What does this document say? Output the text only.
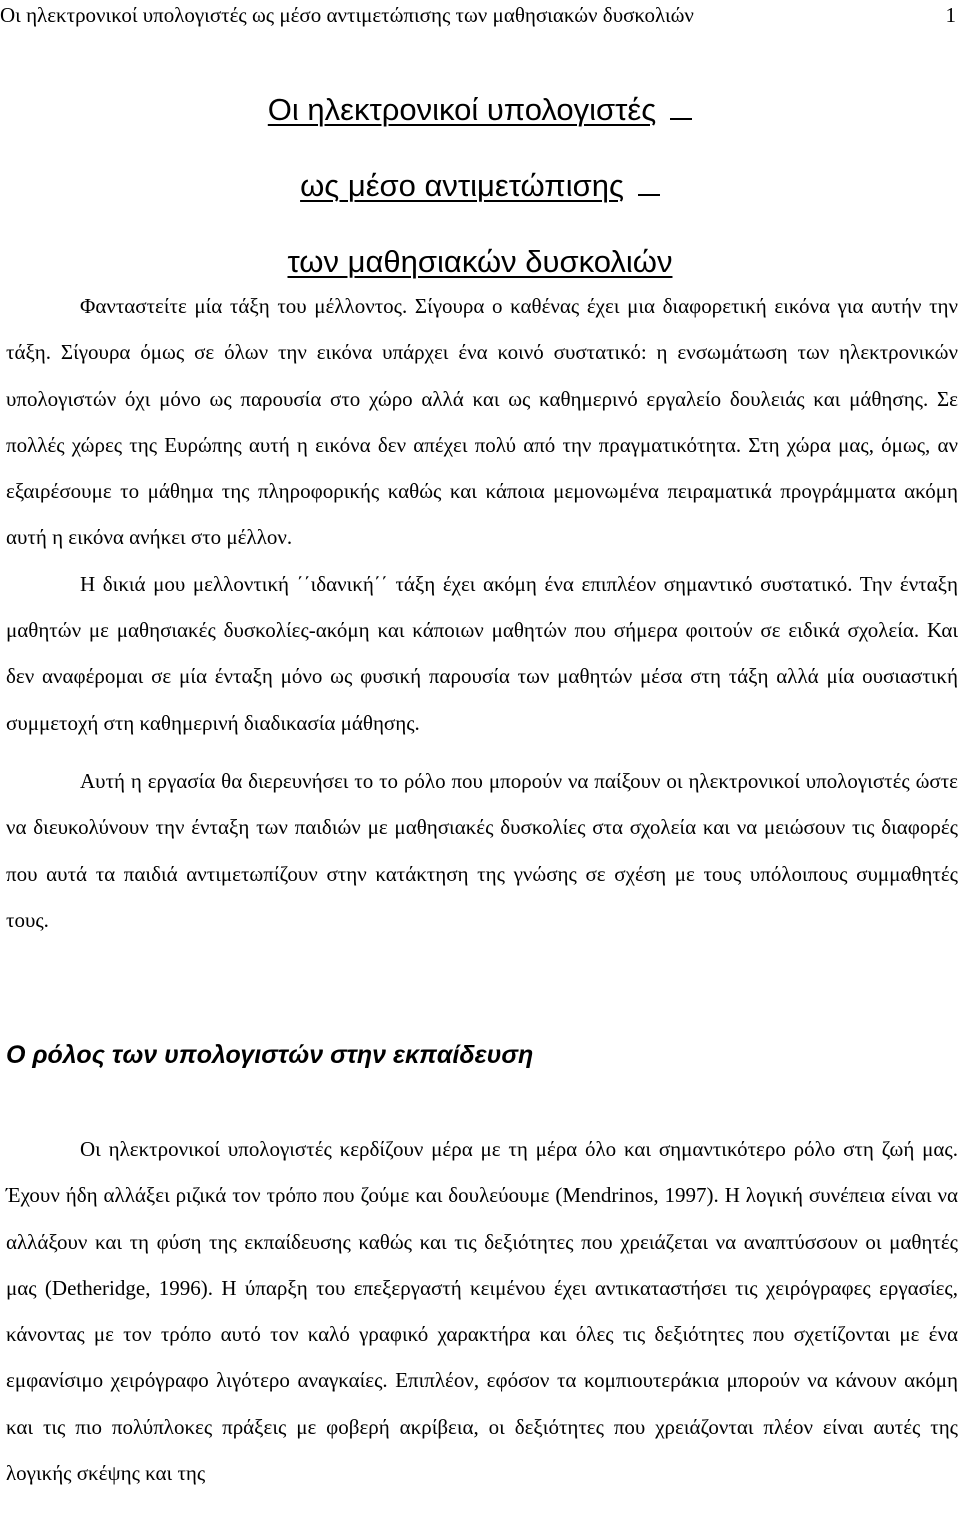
Οι ηλεκτρονικοί υπολογιστές ως μέσο αντιμετώπισης των μαθησιακών δυσκολιών	1
Οι ηλεκτρονικοί υπολογιστές
ως μέσο αντιμετώπισης
των μαθησιακών δυσκολιών

Φανταστείτε μία τάξη του μέλλοντος. Σίγουρα ο καθένας έχει μια διαφορετική εικόνα για αυτήν την τάξη. Σίγουρα όμως σε όλων την εικόνα υπάρχει ένα κοινό συστατικό: η ενσωμάτωση των ηλεκτρονικών υπολογιστών όχι μόνο ως παρουσία στο χώρο αλλά και ως καθημερινό εργαλείο δουλειάς και μάθησης. Σε πολλές χώρες της Ευρώπης αυτή η εικόνα δεν απέχει πολύ από την πραγματικότητα. Στη χώρα μας, όμως, αν εξαιρέσουμε το μάθημα της πληροφορικής καθώς και κάποια μεμονωμένα πειραματικά προγράμματα ακόμη αυτή η εικόνα ανήκει στο μέλλον.

Η δικιά μου μελλοντική ΄΄ιδανική΄΄ τάξη έχει ακόμη ένα επιπλέον σημαντικό συστατικό. Την ένταξη μαθητών με μαθησιακές δυσκολίες-ακόμη και κάποιων μαθητών που σήμερα φοιτούν σε ειδικά σχολεία. Και δεν αναφέρομαι σε μία ένταξη μόνο ως φυσική παρουσία των μαθητών μέσα στη τάξη αλλά μία ουσιαστική συμμετοχή στη καθημερινή διαδικασία μάθησης.

Αυτή η εργασία θα διερευνήσει το το ρόλο που μπορούν να παίξουν οι ηλεκτρονικοί υπολογιστές ώστε να διευκολύνουν την ένταξη των παιδιών με μαθησιακές δυσκολίες στα σχολεία και να μειώσουν τις διαφορές που αυτά τα παιδιά αντιμετωπίζουν στην κατάκτηση της γνώσης σε σχέση με τους υπόλοιπους συμμαθητές τους.

Ο ρόλος των υπολογιστών στην εκπαίδευση

Οι ηλεκτρονικοί υπολογιστές κερδίζουν μέρα με τη μέρα όλο και σημαντικότερο ρόλο στη ζωή μας. Έχουν ήδη αλλάξει ριζικά τον τρόπο που ζούμε και δουλεύουμε (Mendrinos, 1997). Η λογική συνέπεια είναι να αλλάξουν και τη φύση της εκπαίδευσης καθώς και τις δεξιότητες που χρειάζεται να αναπτύσσουν οι μαθητές μας (Detheridge, 1996). Η ύπαρξη του επεξεργαστή κειμένου έχει αντικαταστήσει τις χειρόγραφες εργασίες, κάνοντας με τον τρόπο αυτό τον καλό γραφικό χαρακτήρα και όλες τις δεξιότητες που σχετίζονται με ένα εμφανίσιμο χειρόγραφο λιγότερο αναγκαίες. Επιπλέον, εφόσον τα κομπιουτεράκια μπορούν να κάνουν ακόμη και τις πιο πολύπλοκες πράξεις με φοβερή ακρίβεια, οι δεξιότητες που χρειάζονται πλέον είναι αυτές της λογικής σκέψης και της
